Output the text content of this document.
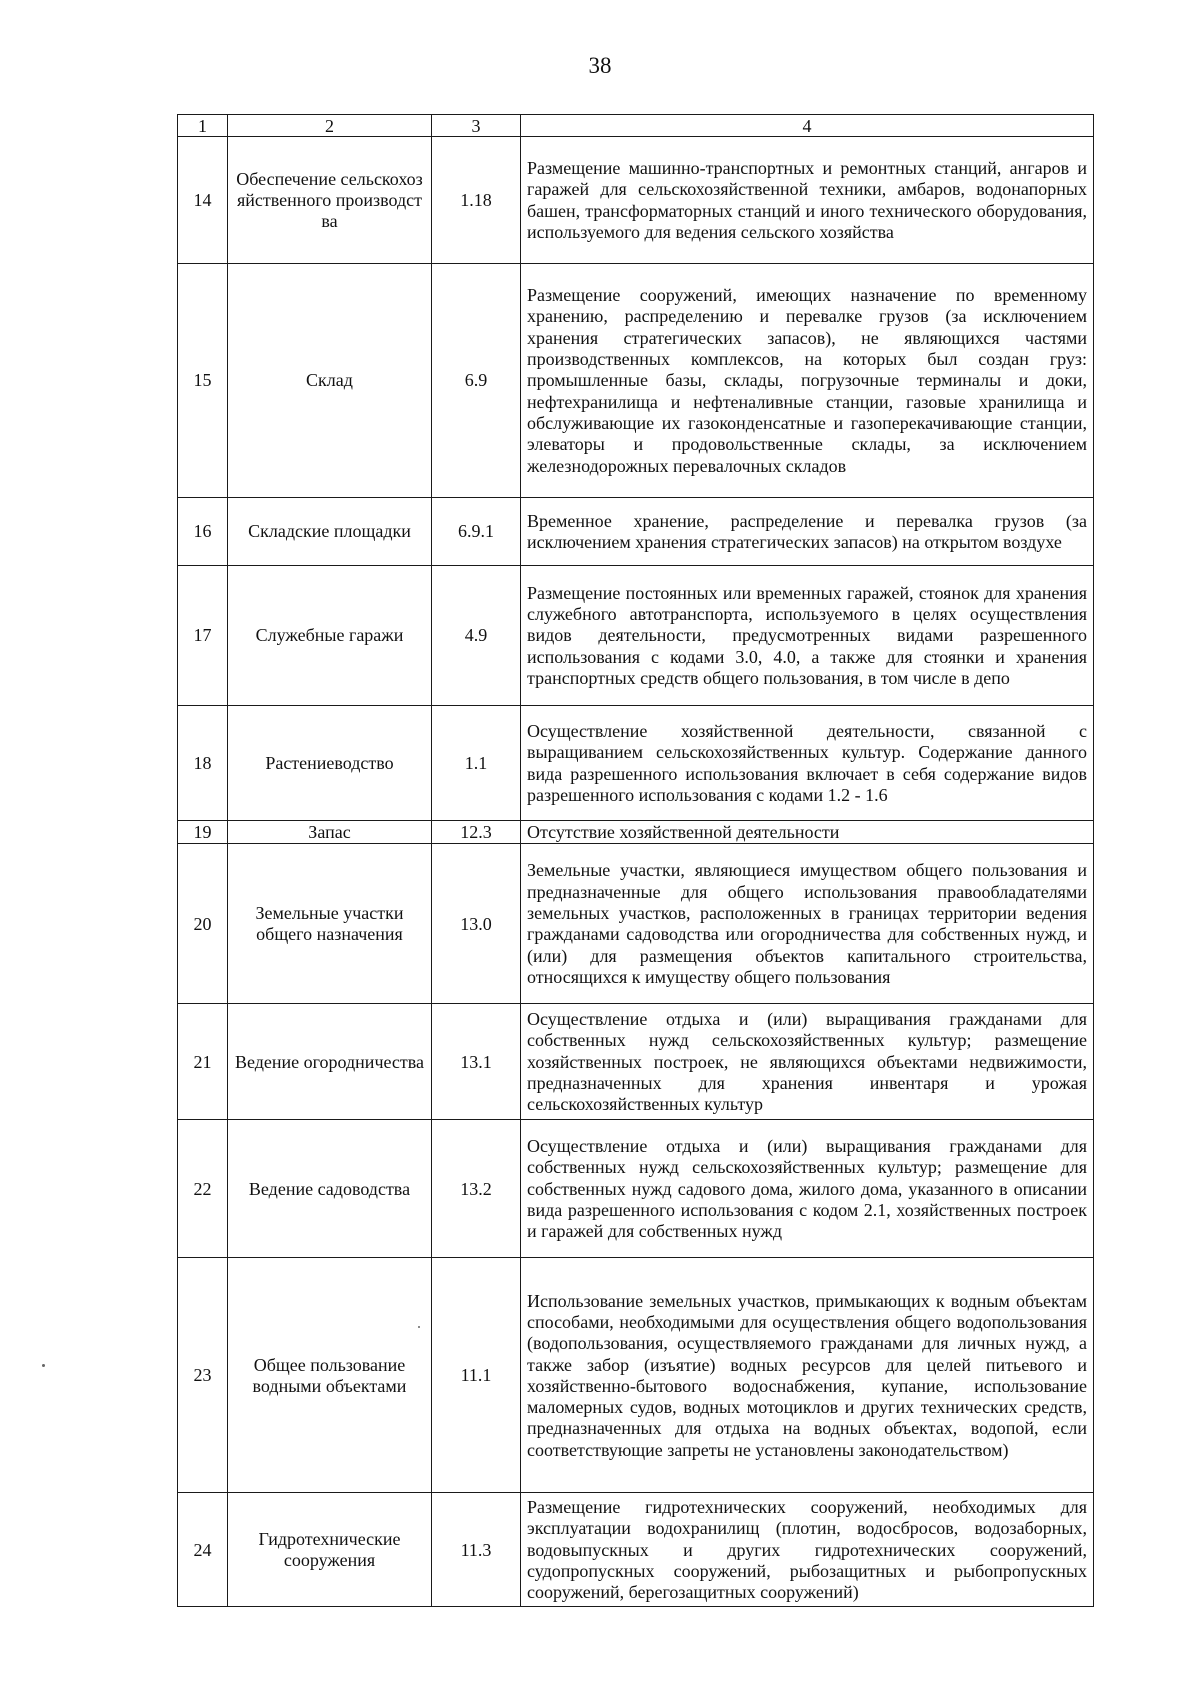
38
1	2	3	4
14	Обеспечение сельскохозяйственного производства	1.18	Размещение машинно-транспортных и ремонтных станций, ангаров и гаражей для сельскохозяйственной техники, амбаров, водонапорных башен, трансформаторных станций и иного технического оборудования, используемого для ведения сельского хозяйства
15	Склад	6.9	Размещение сооружений, имеющих назначение по временному хранению, распределению и перевалке грузов (за исключением хранения стратегических запасов), не являющихся частями производственных комплексов, на которых был создан груз: промышленные базы, склады, погрузочные терминалы и доки, нефтехранилища и нефтеналивные станции, газовые хранилища и обслуживающие их газоконденсатные и газоперекачивающие станции, элеваторы и продовольственные склады, за исключением железнодорожных перевалочных складов
16	Складские площадки	6.9.1	Временное хранение, распределение и перевалка грузов (за исключением хранения стратегических запасов) на открытом воздухе
17	Служебные гаражи	4.9	Размещение постоянных или временных гаражей, стоянок для хранения служебного автотранспорта, используемого в целях осуществления видов деятельности, предусмотренных видами разрешенного использования с кодами 3.0, 4.0, а также для стоянки и хранения транспортных средств общего пользования, в том числе в депо
18	Растениеводство	1.1	Осуществление хозяйственной деятельности, связанной с выращиванием сельскохозяйственных культур. Содержание данного вида разрешенного использования включает в себя содержание видов разрешенного использования с кодами 1.2 - 1.6
19	Запас	12.3	Отсутствие хозяйственной деятельности
20	Земельные участки общего назначения	13.0	Земельные участки, являющиеся имуществом общего пользования и предназначенные для общего использования правообладателями земельных участков, расположенных в границах территории ведения гражданами садоводства или огородничества для собственных нужд, и (или) для размещения объектов капитального строительства, относящихся к имуществу общего пользования
21	Ведение огородничества	13.1	Осуществление отдыха и (или) выращивания гражданами для собственных нужд сельскохозяйственных культур; размещение хозяйственных построек, не являющихся объектами недвижимости, предназначенных для хранения инвентаря и урожая сельскохозяйственных культур
22	Ведение садоводства	13.2	Осуществление отдыха и (или) выращивания гражданами для собственных нужд сельскохозяйственных культур; размещение для собственных нужд садового дома, жилого дома, указанного в описании вида разрешенного использования с кодом 2.1, хозяйственных построек и гаражей для собственных нужд
23	Общее пользование водными объектами	11.1	Использование земельных участков, примыкающих к водным объектам способами, необходимыми для осуществления общего водопользования (водопользования, осуществляемого гражданами для личных нужд, а также забор (изъятие) водных ресурсов для целей питьевого и хозяйственно-бытового водоснабжения, купание, использование маломерных судов, водных мотоциклов и других технических средств, предназначенных для отдыха на водных объектах, водопой, если соответствующие запреты не установлены законодательством)
24	Гидротехнические сооружения	11.3	Размещение гидротехнических сооружений, необходимых для эксплуатации водохранилищ (плотин, водосбросов, водозаборных, водовыпускных и других гидротехнических сооружений, судопропускных сооружений, рыбозащитных и рыбопропускных сооружений, берегозащитных сооружений)
